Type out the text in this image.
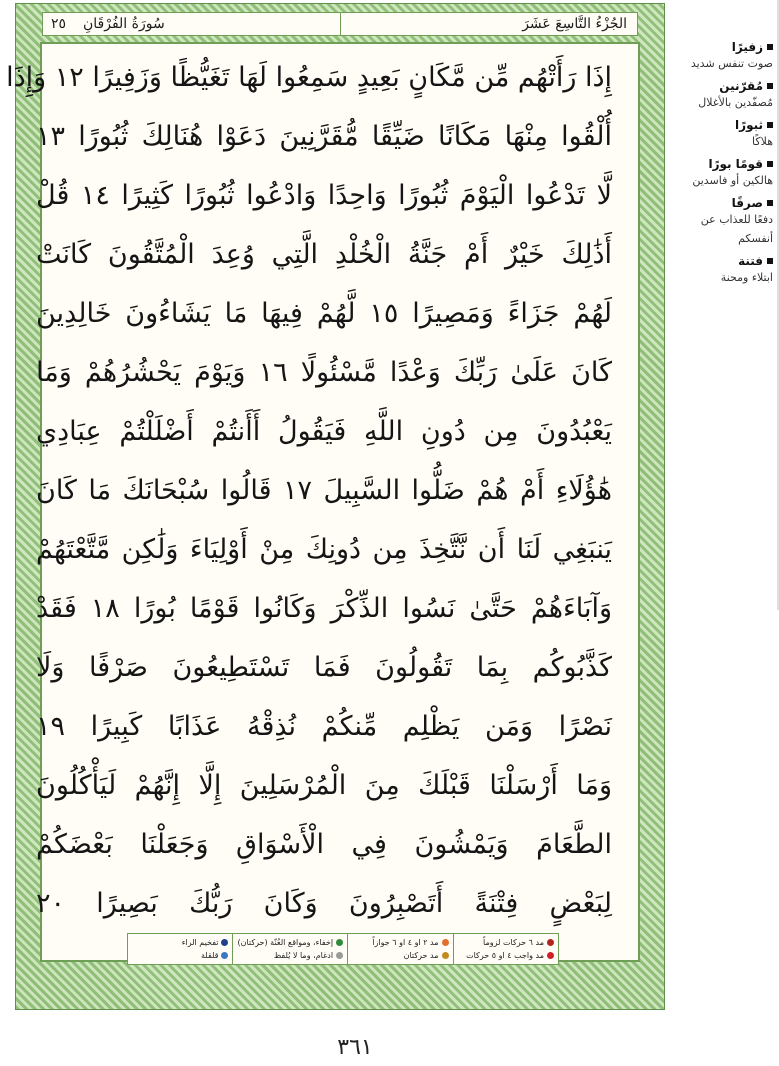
٢٥ سُورَةُ الفُرْقَانِ	الجُزْءُ التَّاسِعَ عَشَرَ
إِذَا رَأَتْهُم مِّن مَّكَانٍ بَعِيدٍ سَمِعُوا لَهَا تَغَيُّظًا وَزَفِيرًا ١٢ وَإِذَا
أُلْقُوا مِنْهَا مَكَانًا ضَيِّقًا مُّقَرَّنِينَ دَعَوْا هُنَالِكَ ثُبُورًا ١٣
لَّا تَدْعُوا الْيَوْمَ ثُبُورًا وَاحِدًا وَادْعُوا ثُبُورًا كَثِيرًا ١٤ قُلْ
أَذَٰلِكَ خَيْرٌ أَمْ جَنَّةُ الْخُلْدِ الَّتِي وُعِدَ الْمُتَّقُونَ كَانَتْ
لَهُمْ جَزَاءً وَمَصِيرًا ١٥ لَّهُمْ فِيهَا مَا يَشَاءُونَ خَالِدِينَ
كَانَ عَلَىٰ رَبِّكَ وَعْدًا مَّسْئُولًا ١٦ وَيَوْمَ يَحْشُرُهُمْ وَمَا
يَعْبُدُونَ مِن دُونِ اللَّهِ فَيَقُولُ أَأَنتُمْ أَضْلَلْتُمْ عِبَادِي
هَٰؤُلَاءِ أَمْ هُمْ ضَلُّوا السَّبِيلَ ١٧ قَالُوا سُبْحَانَكَ مَا كَانَ
يَنبَغِي لَنَا أَن نَّتَّخِذَ مِن دُونِكَ مِنْ أَوْلِيَاءَ وَلَٰكِن مَّتَّعْتَهُمْ
وَآبَاءَهُمْ حَتَّىٰ نَسُوا الذِّكْرَ وَكَانُوا قَوْمًا بُورًا ١٨ فَقَدْ
كَذَّبُوكُم بِمَا تَقُولُونَ فَمَا تَسْتَطِيعُونَ صَرْفًا وَلَا
نَصْرًا وَمَن يَظْلِم مِّنكُمْ نُذِقْهُ عَذَابًا كَبِيرًا ١٩
وَمَا أَرْسَلْنَا قَبْلَكَ مِنَ الْمُرْسَلِينَ إِلَّا إِنَّهُمْ لَيَأْكُلُونَ
الطَّعَامَ وَيَمْشُونَ فِي الْأَسْوَاقِ وَجَعَلْنَا بَعْضَكُمْ
لِبَعْضٍ فِتْنَةً أَتَصْبِرُونَ وَكَانَ رَبُّكَ بَصِيرًا ٢٠
مد ٦ حركات لزوماً
مد واجب ٤ او ٥ حركات
مد ٢ او ٤ او ٦ جوازاً
مد حركتان
إخفاء، ومواقع الغُنّة (حركتان)
ادغام، وما لا يُلفظ
تفخيم الراء
قلقلة
٣٦١
زفيرًا
صوت تنفس شديد
مُقرّنين
مُصفّدين بالأغلال
ثبورًا
هلاكًا
قومًا بورًا
هالكين أو فاسدين
صرفًا
دفعًا للعذاب عن أنفسكم
فتنة
ابتلاء ومحنة
